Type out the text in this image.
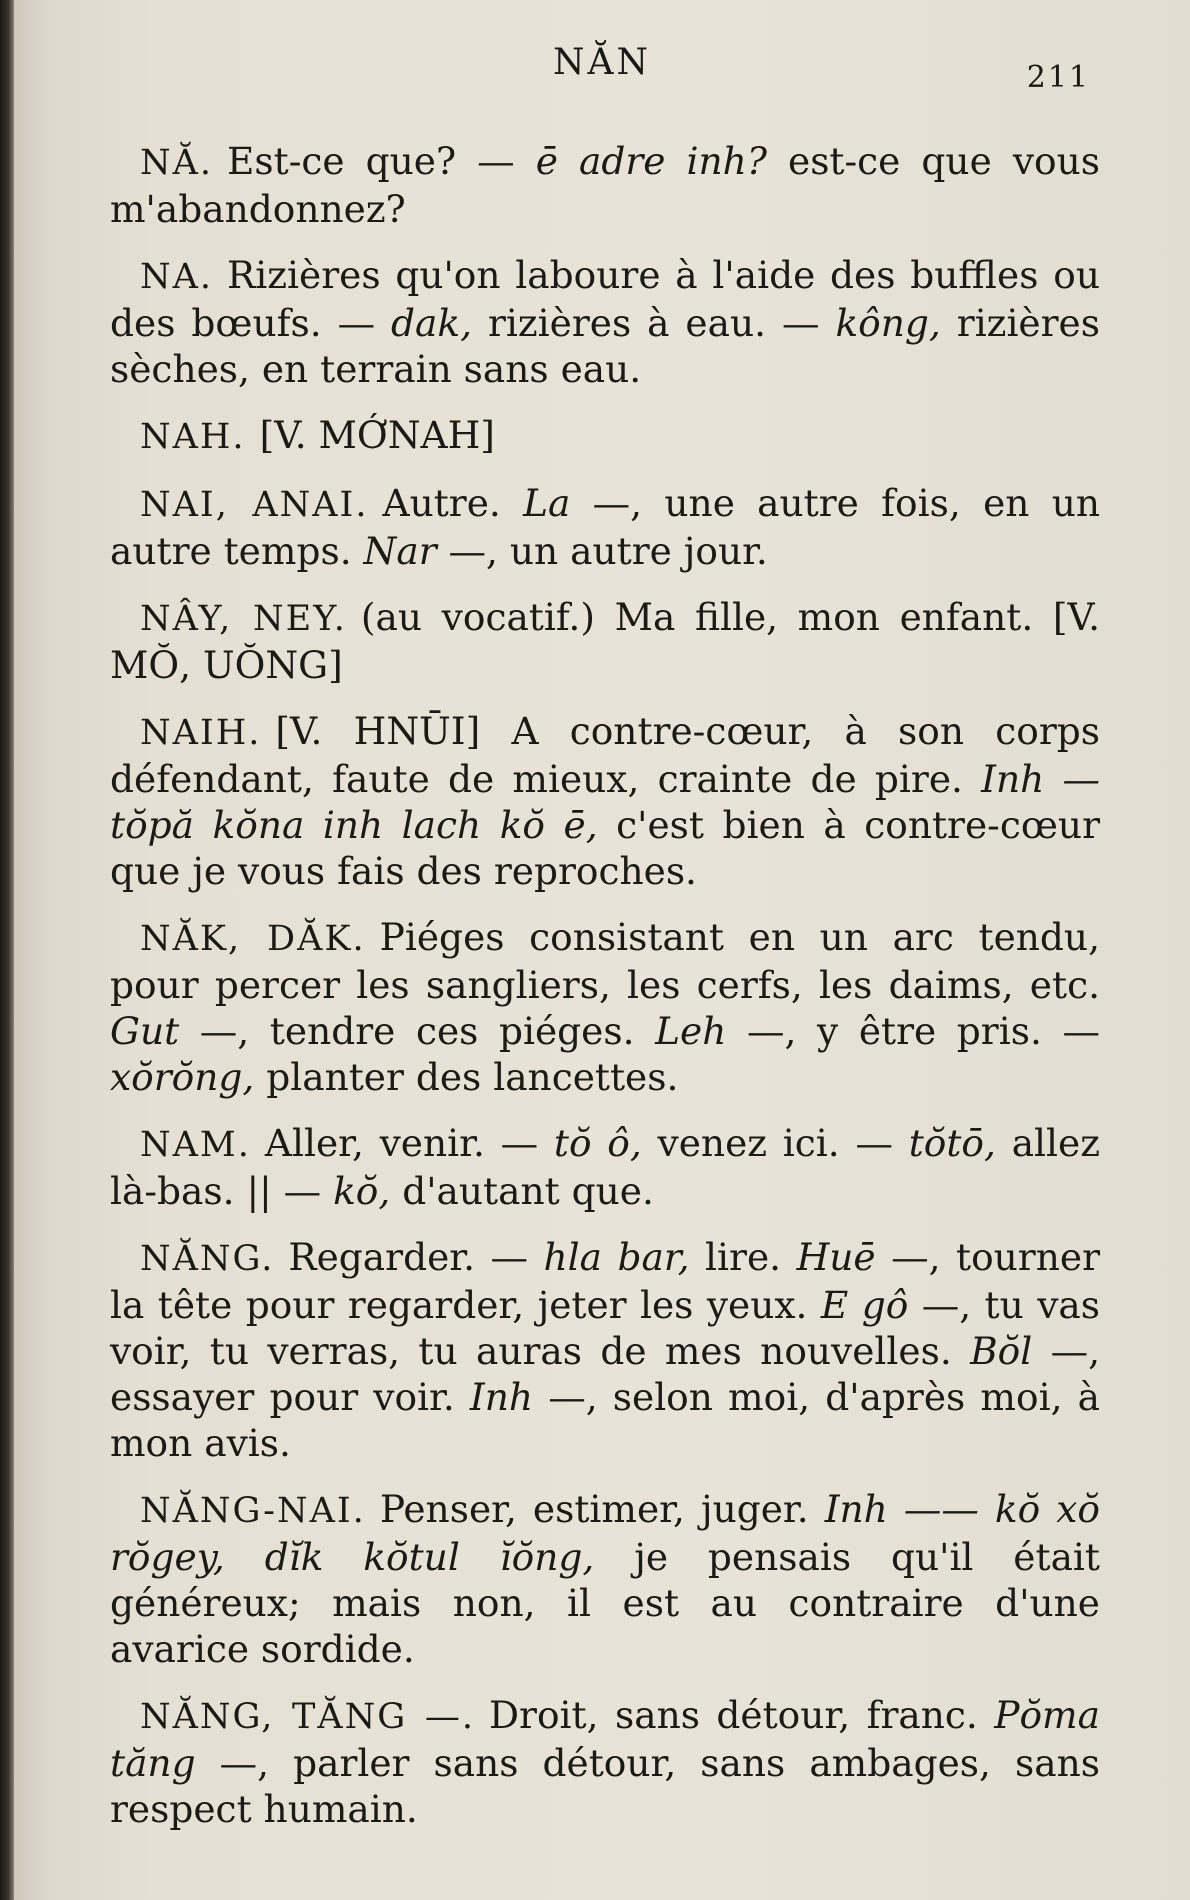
NĂN	211

NĂ. Est-ce que? — ē adre inh? est-ce que vous m'abandonnez?

NA. Rizières qu'on laboure à l'aide des buffles ou des bœufs. — dak, rizières à eau. — kông, rizières sèches, en terrain sans eau.

NAH. [V. MỚNAH]

NAI, ANAI. Autre. La —, une autre fois, en un autre temps. Nar —, un autre jour.

NÂY, NEY. (au vocatif.) Ma fille, mon enfant. [V. MŎ, UŎNG]

NAIH. [V. HNŪI] A contre-cœur, à son corps défendant, faute de mieux, crainte de pire. Inh — tŏpă kŏna inh lach kŏ ē, c'est bien à contre-cœur que je vous fais des reproches.

NĂK, DĂK. Piéges consistant en un arc tendu, pour percer les sangliers, les cerfs, les daims, etc. Gut —, tendre ces piéges. Leh —, y être pris. — xŏrŏng, planter des lancettes.

NAM. Aller, venir. — tŏ ô, venez ici. — tŏtō, allez là-bas. || — kŏ, d'autant que.

NĂNG. Regarder. — hla bar, lire. Huē —, tourner la tête pour regarder, jeter les yeux. E gô —, tu vas voir, tu verras, tu auras de mes nouvelles. Bŏl —, essayer pour voir. Inh —, selon moi, d'après moi, à mon avis.

NĂNG-NAI. Penser, estimer, juger. Inh —— kŏ xŏ rŏgey, dĭk kŏtul ĭŏng, je pensais qu'il était généreux; mais non, il est au contraire d'une avarice sordide.

NĂNG, TĂNG —. Droit, sans détour, franc. Pŏma tăng —, parler sans détour, sans ambages, sans respect humain.
